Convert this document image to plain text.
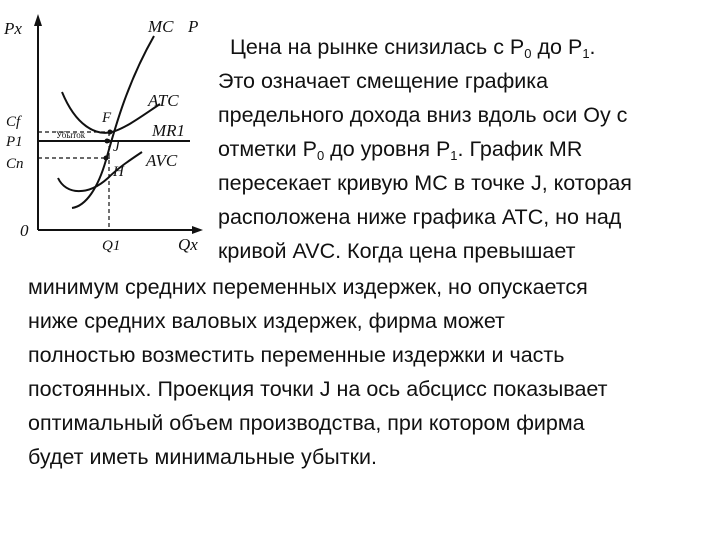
Px	MC P
ATC
MR1
AVC
F
J
H
Cf
P1
Cn
Убыток
0
Q1	Qx

Цена на рынке снизилась с $P_0$ до $P_1$.
Это означает смещение графика
предельного дохода вниз вдоль оси Oy с
отметки $P_0$ до уровня $P_1$. График MR
пересекает кривую МС в точке J, которая
расположена ниже графика АТС, но над
кривой AVC. Когда цена превышает

минимум средних переменных издержек, но опускается
ниже средних валовых издержек, фирма может
полностью возместить переменные издержки и часть
постоянных. Проекция точки J на ось абсцисс показывает
оптимальный объем производства, при котором фирма
будет иметь минимальные убытки.
